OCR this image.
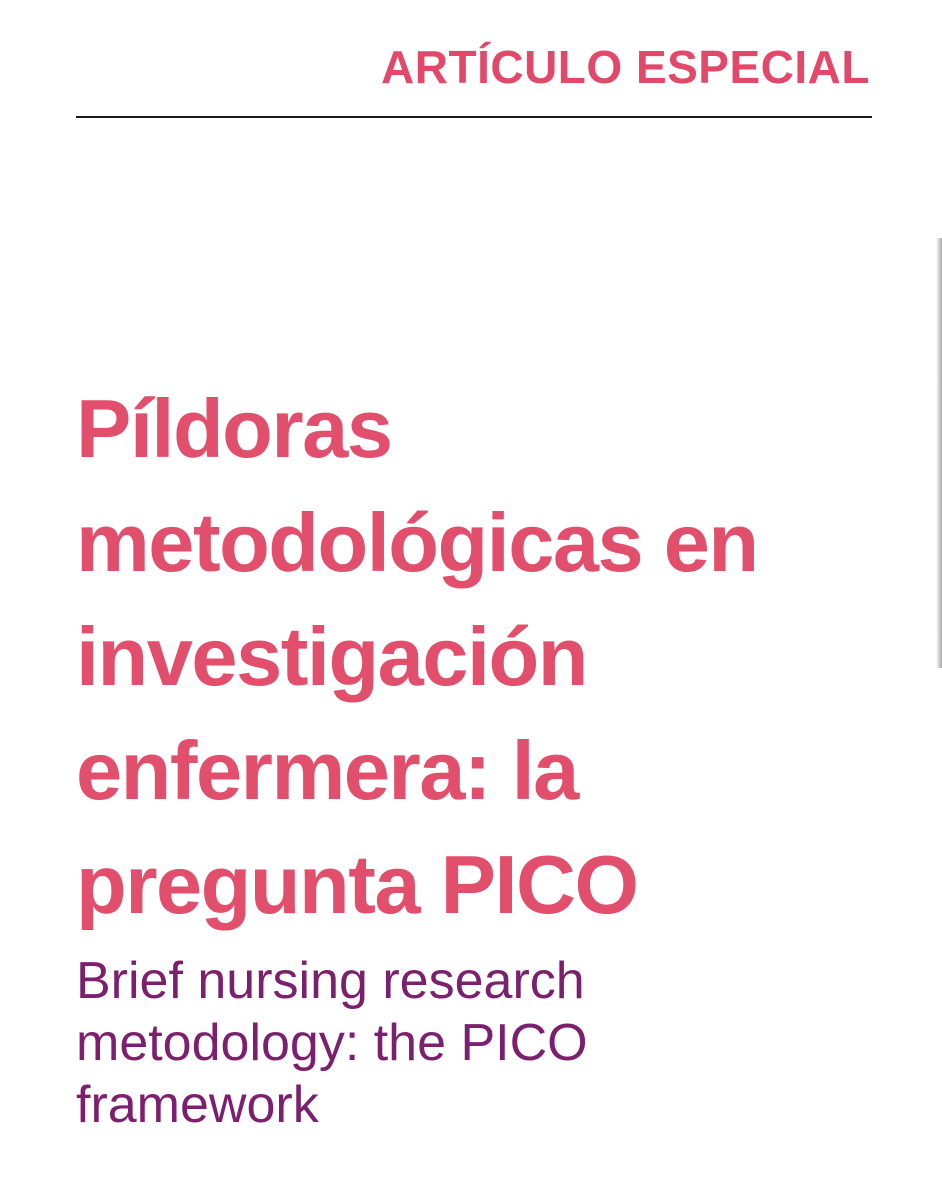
ARTÍCULO ESPECIAL
Píldoras
metodológicas en
investigación
enfermera: la
pregunta PICO
Brief nursing research
metodology: the PICO
framework
